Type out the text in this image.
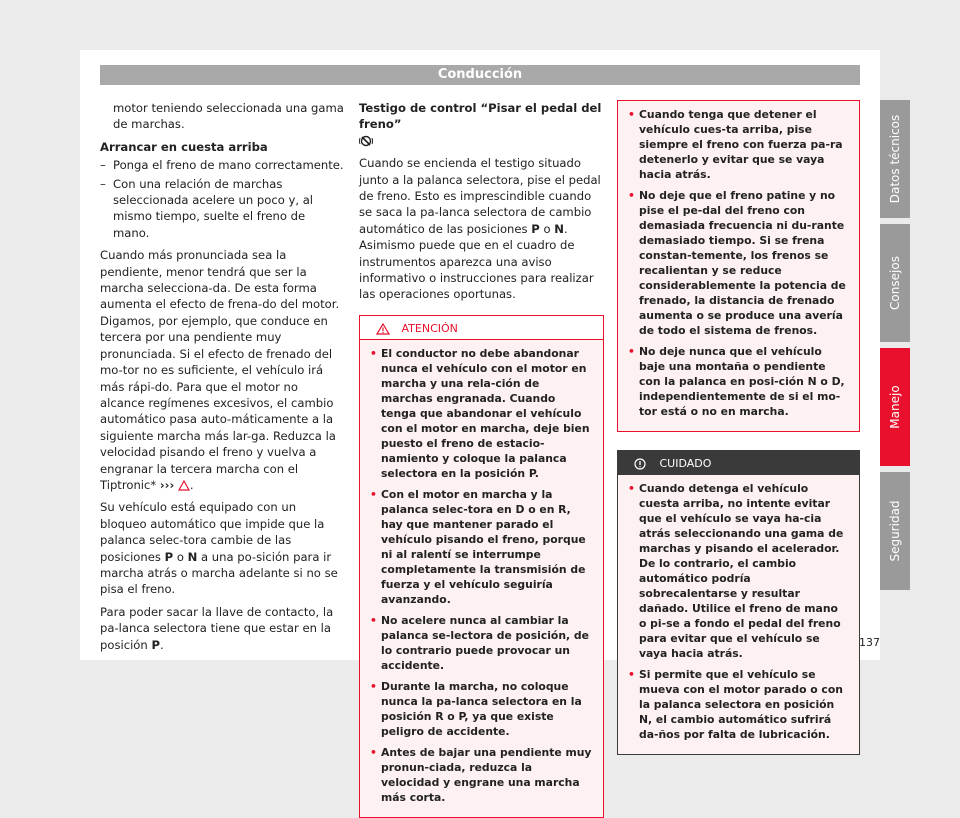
Conducción

motor teniendo seleccionada una gama de marchas.

Arrancar en cuesta arriba

– Ponga el freno de mano correctamente.

– Con una relación de marchas seleccionada acelere un poco y, al mismo tiempo, suelte el freno de mano.

Cuando más pronunciada sea la pendiente, menor tendrá que ser la marcha selecciona-da. De esta forma aumenta el efecto de frena-do del motor. Digamos, por ejemplo, que conduce en tercera por una pendiente muy pronunciada. Si el efecto de frenado del mo-tor no es suficiente, el vehículo irá más rápi-do. Para que el motor no alcance regímenes excesivos, el cambio automático pasa auto-máticamente a la siguiente marcha más lar-ga. Reduzca la velocidad pisando el freno y vuelva a engranar la tercera marcha con el Tiptronic* ››› .

Su vehículo está equipado con un bloqueo automático que impide que la palanca selec-tora cambie de las posiciones P o N a una po-sición para ir marcha atrás o marcha adelante si no se pisa el freno.

Para poder sacar la llave de contacto, la pa-lanca selectora tiene que estar en la posición P.

Testigo de control “Pisar el pedal del freno”

Cuando se encienda el testigo situado junto a la palanca selectora, pise el pedal de freno. Esto es imprescindible cuando se saca la pa-lanca selectora de cambio automático de las posiciones P o N. Asimismo puede que en el cuadro de instrumentos aparezca una aviso informativo o instrucciones para realizar las operaciones oportunas.

ATENCIÓN

• El conductor no debe abandonar nunca el vehículo con el motor en marcha y una rela-ción de marchas engranada. Cuando tenga que abandonar el vehículo con el motor en marcha, deje bien puesto el freno de estacio-namiento y coloque la palanca selectora en la posición P.

• Con el motor en marcha y la palanca selec-tora en D o en R, hay que mantener parado el vehículo pisando el freno, porque ni al ralentí se interrumpe completamente la transmisión de fuerza y el vehículo seguiría avanzando.

• No acelere nunca al cambiar la palanca se-lectora de posición, de lo contrario puede provocar un accidente.

• Durante la marcha, no coloque nunca la pa-lanca selectora en la posición R o P, ya que existe peligro de accidente.

• Antes de bajar una pendiente muy pronun-ciada, reduzca la velocidad y engrane una marcha más corta.

• Cuando tenga que detener el vehículo cues-ta arriba, pise siempre el freno con fuerza pa-ra detenerlo y evitar que se vaya hacia atrás.

• No deje que el freno patine y no pise el pe-dal del freno con demasiada frecuencia ni du-rante demasiado tiempo. Si se frena constan-temente, los frenos se recalientan y se reduce considerablemente la potencia de frenado, la distancia de frenado aumenta o se produce una avería de todo el sistema de frenos.

• No deje nunca que el vehículo baje una montaña o pendiente con la palanca en posi-ción N o D, independientemente de si el mo-tor está o no en marcha.

CUIDADO

• Cuando detenga el vehículo cuesta arriba, no intente evitar que el vehículo se vaya ha-cia atrás seleccionando una gama de marchas y pisando el acelerador. De lo contrario, el cambio automático podría sobrecalentarse y resultar dañado. Utilice el freno de mano o pi-se a fondo el pedal del freno para evitar que el vehículo se vaya hacia atrás.

• Si permite que el vehículo se mueva con el motor parado o con la palanca selectora en posición N, el cambio automático sufrirá da-ños por falta de lubricación.

Datos técnicos
Consejos
Manejo
Seguridad
137
